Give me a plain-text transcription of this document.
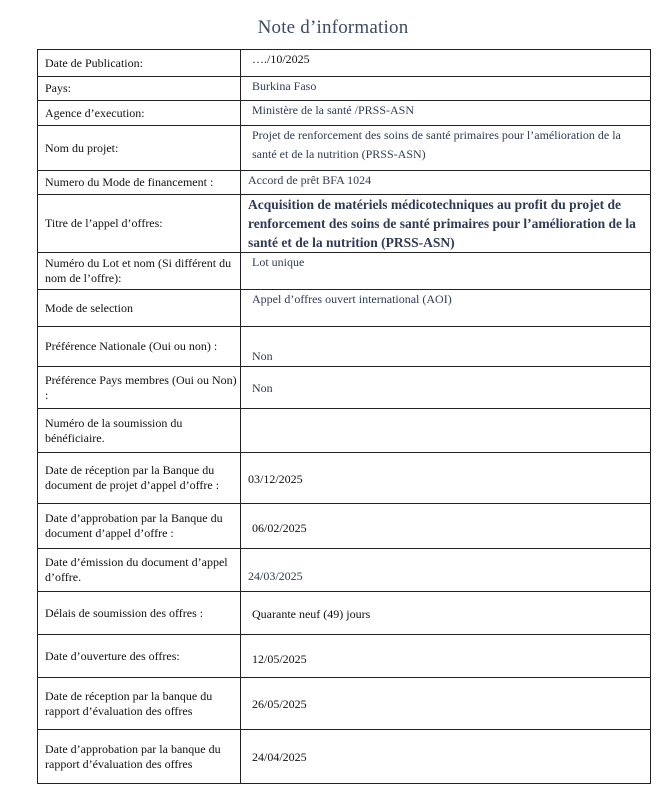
Note d’information
Date de Publication:	…./10/2025

Pays:	Burkina Faso

Agence d’execution:	Ministère de la santé /PRSS-ASN

Nom du projet:	Projet de renforcement des soins de santé primaires pour l’amélioration de la santé et de la nutrition (PRSS-ASN)

Numero du Mode de financement :	Accord de prêt BFA 1024

Titre de l’appel d’offres:	Acquisition de matériels médicotechniques au profit du projet de renforcement des soins de santé primaires pour l’amélioration de la santé et de la nutrition (PRSS-ASN)

Numéro du Lot et nom (Si différent du nom de l’offre):	Lot unique

Mode de selection	Appel d’offres ouvert international (AOI)

Préférence Nationale (Oui ou non) :	Non

Préférence Pays membres (Oui ou Non) :	Non

Numéro de la soumission du bénéficiaire.	

Date de réception par la Banque du document de projet d’appel d’offre :	03/12/2025

Date d’approbation par la Banque du document d’appel d’offre :	06/02/2025

Date d’émission du document d’appel d’offre.	24/03/2025

Délais de soumission des offres :	Quarante neuf (49) jours

Date d’ouverture des offres:	12/05/2025

Date de réception par la banque du rapport d’évaluation des offres	26/05/2025

Date d’approbation par la banque du rapport d’évaluation des offres	24/04/2025
